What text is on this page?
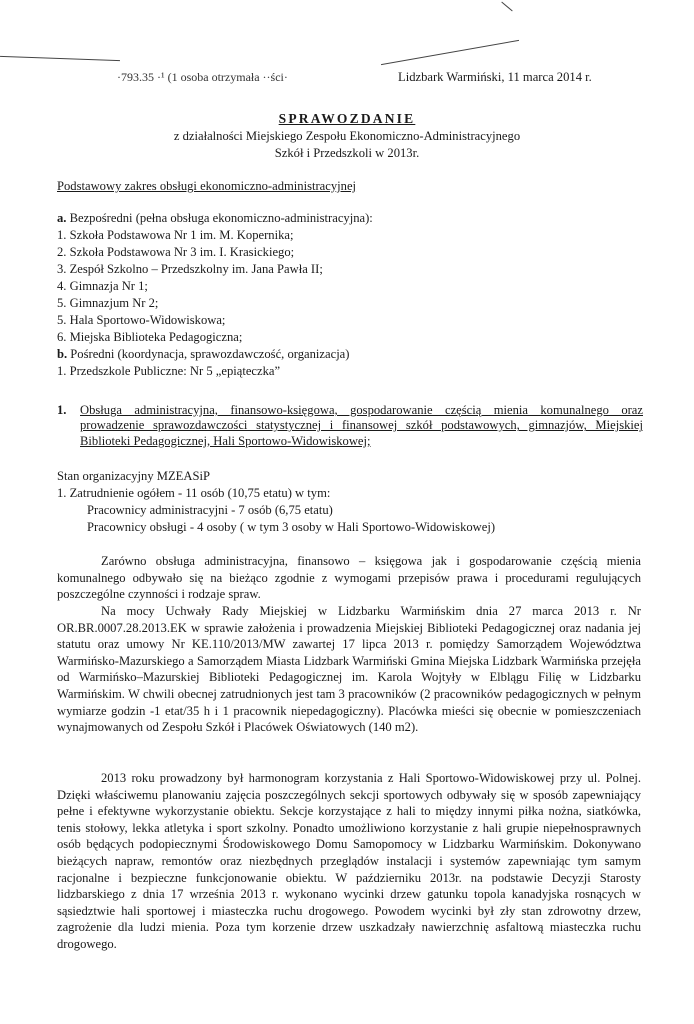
·793.35 ·¹ (1 osoba otrzymała ··ści·	Lidzbark Warmiński, 11 marca 2014 r.
SPRAWOZDANIE
z działalności Miejskiego Zespołu Ekonomiczno-Administracyjnego
Szkół i Przedszkoli w 2013r.
Podstawowy zakres obsługi ekonomiczno-administracyjnej
a. Bezpośredni (pełna obsługa ekonomiczno-administracyjna):
1. Szkoła Podstawowa Nr 1 im. M. Kopernika;
2. Szkoła Podstawowa Nr 3 im. I. Krasickiego;
3. Zespół Szkolno – Przedszkolny im. Jana Pawła II;
4. Gimnazja Nr 1;
5. Gimnazjum Nr 2;
5. Hala Sportowo-Widowiskowa;
6. Miejska Biblioteka Pedagogiczna;
b. Pośredni (koordynacja, sprawozdawczość, organizacja)
1. Przedszkole Publiczne: Nr 5 „epiąteczka”
1. Obsługa administracyjna, finansowo-księgowa, gospodarowanie częścią mienia komunalnego oraz prowadzenie sprawozdawczości statystycznej i finansowej szkół podstawowych, gimnazjów, Miejskiej Biblioteki Pedagogicznej, Hali Sportowo-Widowiskowej;
Stan organizacyjny MZEASiP
1. Zatrudnienie ogółem - 11 osób (10,75 etatu) w tym:
Pracownicy administracyjni - 7 osób (6,75 etatu)
Pracownicy obsługi - 4 osoby ( w tym 3 osoby w Hali Sportowo-Widowiskowej)

Zarówno obsługa administracyjna, finansowo – księgowa jak i gospodarowanie częścią mienia komunalnego odbywało się na bieżąco zgodnie z wymogami przepisów prawa i procedurami regulujących poszczególne czynności i rodzaje spraw.

Na mocy Uchwały Rady Miejskiej w Lidzbarku Warmińskim dnia 27 marca 2013 r. Nr OR.BR.0007.28.2013.EK w sprawie założenia i prowadzenia Miejskiej Biblioteki Pedagogicznej oraz nadania jej statutu oraz umowy Nr KE.110/2013/MW zawartej 17 lipca 2013 r. pomiędzy Samorządem Województwa Warmińsko-Mazurskiego a Samorządem Miasta Lidzbark Warmiński Gmina Miejska Lidzbark Warmińska przejęła od Warmińsko–Mazurskiej Biblioteki Pedagogicznej im. Karola Wojtyły w Elblągu Filię w Lidzbarku Warmińskim. W chwili obecnej zatrudnionych jest tam 3 pracowników (2 pracowników pedagogicznych w pełnym wymiarze godzin -1 etat/35 h i 1 pracownik niepedagogiczny). Placówka mieści się obecnie w pomieszczeniach wynajmowanych od Zespołu Szkół i Placówek Oświatowych (140 m2).

2013 roku prowadzony był harmonogram korzystania z Hali Sportowo-Widowiskowej przy ul. Polnej. Dzięki właściwemu planowaniu zajęcia poszczególnych sekcji sportowych odbywały się w sposób zapewniający pełne i efektywne wykorzystanie obiektu. Sekcje korzystające z hali to między innymi piłka nożna, siatkówka, tenis stołowy, lekka atletyka i sport szkolny. Ponadto umożliwiono korzystanie z hali grupie niepełnosprawnych osób będących podopiecznymi Środowiskowego Domu Samopomocy w Lidzbarku Warmińskim. Dokonywano bieżących napraw, remontów oraz niezbędnych przeglądów instalacji i systemów zapewniając tym samym racjonalne i bezpieczne funkcjonowanie obiektu. W październiku 2013r. na podstawie Decyzji Starosty lidzbarskiego z dnia 17 września 2013 r. wykonano wycinki drzew gatunku topola kanadyjska rosnących w sąsiedztwie hali sportowej i miasteczka ruchu drogowego. Powodem wycinki był zły stan zdrowotny drzew, zagrożenie dla ludzi mienia. Poza tym korzenie drzew uszkadzały nawierzchnię asfaltową miasteczka ruchu drogowego.
